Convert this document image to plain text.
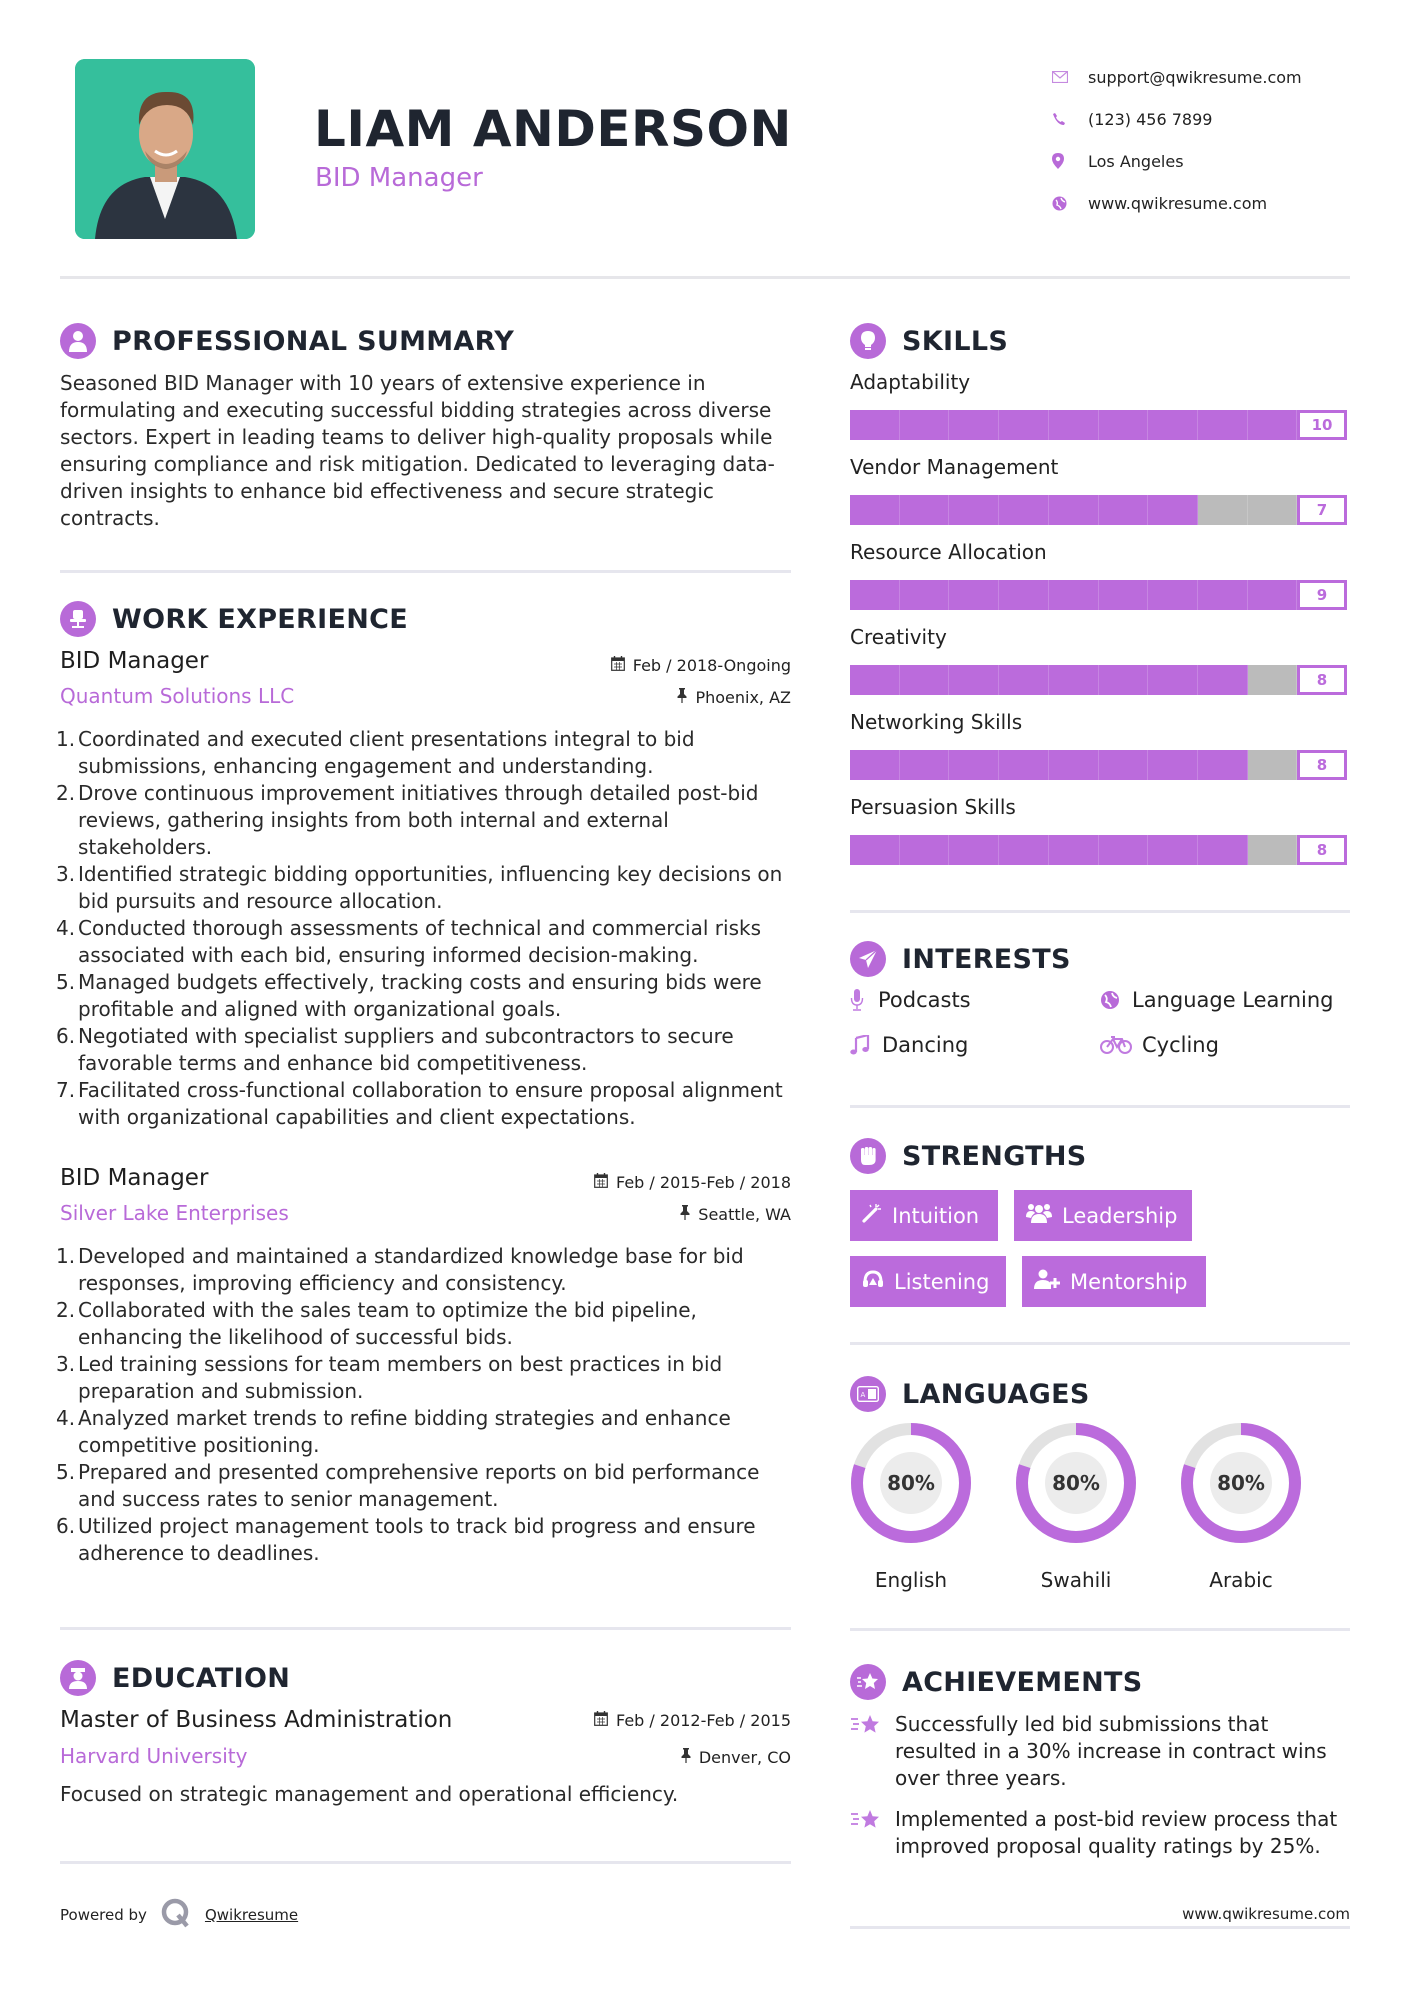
LIAM ANDERSON
BID Manager
support@qwikresume.com
(123) 456 7899
Los Angeles
www.qwikresume.com
PROFESSIONAL SUMMARY
Seasoned BID Manager with 10 years of extensive experience in formulating and executing successful bidding strategies across diverse sectors. Expert in leading teams to deliver high-quality proposals while ensuring compliance and risk mitigation. Dedicated to leveraging data-driven insights to enhance bid effectiveness and secure strategic contracts.
WORK EXPERIENCE
BID Manager	Feb / 2018-Ongoing
Quantum Solutions LLC	Phoenix, AZ
1. Coordinated and executed client presentations integral to bid submissions, enhancing engagement and understanding.
2. Drove continuous improvement initiatives through detailed post-bid reviews, gathering insights from both internal and external stakeholders.
3. Identified strategic bidding opportunities, influencing key decisions on bid pursuits and resource allocation.
4. Conducted thorough assessments of technical and commercial risks associated with each bid, ensuring informed decision-making.
5. Managed budgets effectively, tracking costs and ensuring bids were profitable and aligned with organizational goals.
6. Negotiated with specialist suppliers and subcontractors to secure favorable terms and enhance bid competitiveness.
7. Facilitated cross-functional collaboration to ensure proposal alignment with organizational capabilities and client expectations.
BID Manager	Feb / 2015-Feb / 2018
Silver Lake Enterprises	Seattle, WA
1. Developed and maintained a standardized knowledge base for bid responses, improving efficiency and consistency.
2. Collaborated with the sales team to optimize the bid pipeline, enhancing the likelihood of successful bids.
3. Led training sessions for team members on best practices in bid preparation and submission.
4. Analyzed market trends to refine bidding strategies and enhance competitive positioning.
5. Prepared and presented comprehensive reports on bid performance and success rates to senior management.
6. Utilized project management tools to track bid progress and ensure adherence to deadlines.
EDUCATION
Master of Business Administration	Feb / 2012-Feb / 2015
Harvard University	Denver, CO
Focused on strategic management and operational efficiency.
SKILLS
Adaptability
10
Vendor Management
7
Resource Allocation
9
Creativity
8
Networking Skills
8
Persuasion Skills
8
INTERESTS
Podcasts	Language Learning
Dancing	Cycling
STRENGTHS
Intuition	Leadership
Listening	Mentorship
A LANGUAGES
80%
English
80%
Swahili
80%
Arabic
ACHIEVEMENTS
Successfully led bid submissions that resulted in a 30% increase in contract wins over three years.
Implemented a post-bid review process that improved proposal quality ratings by 25%.
Powered by	Qwikresume	www.qwikresume.com
